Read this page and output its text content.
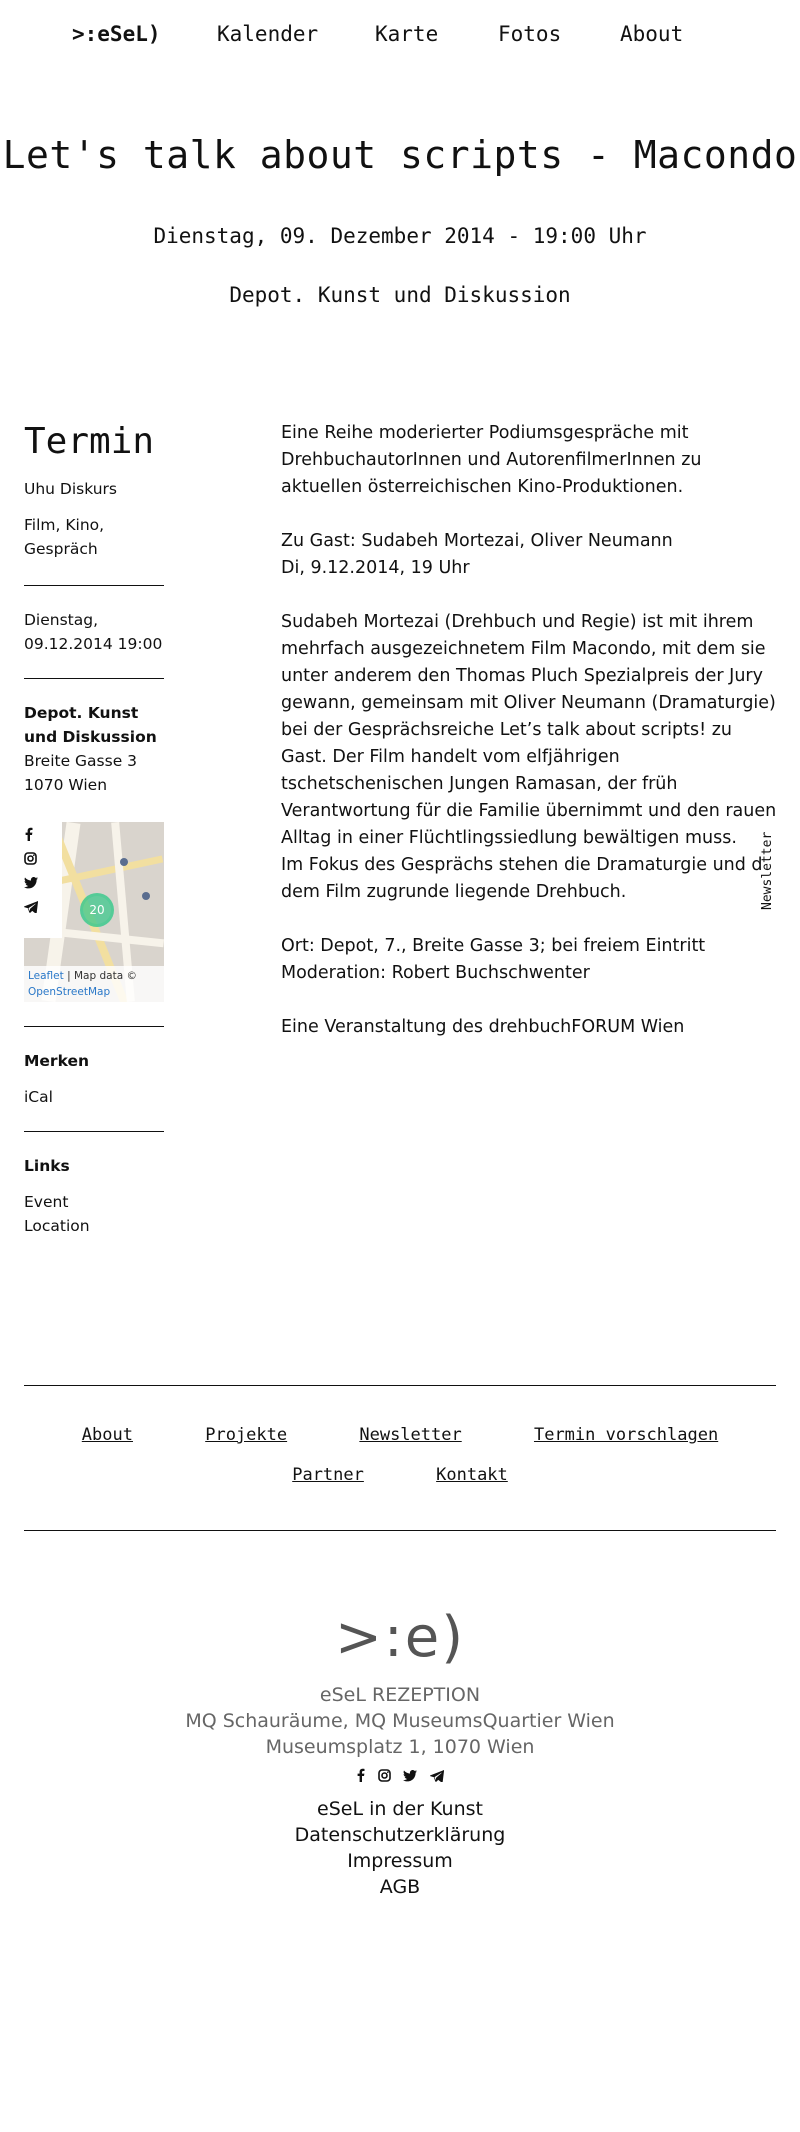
>:eSeL)	Kalender	Karte	Fotos	About
Let's talk about scripts - Macondo
Dienstag, 09. Dezember 2014 - 19:00 Uhr
Depot. Kunst und Diskussion
Termin
Uhu Diskurs
Film, Kino, Gespräch
Dienstag,
09.12.2014 19:00
Depot. Kunst und Diskussion
Breite Gasse 3
1070 Wien
20
Leaflet | Map data ©
OpenStreetMap
Merken
iCal
Links
Event
Location

Eine Reihe moderierter Podiumsgespräche mit DrehbuchautorInnen und AutorenfilmerInnen zu aktuellen österreichischen Kino-Produktionen.

Zu Gast: Sudabeh Mortezai, Oliver Neumann

Di, 9.12.2014, 19 Uhr

Sudabeh Mortezai (Drehbuch und Regie) ist mit ihrem mehrfach ausgezeichnetem Film Macondo, mit dem sie unter anderem den Thomas Pluch Spezialpreis der Jury gewann, gemeinsam mit Oliver Neumann (Dramaturgie) bei der Gesprächsreiche Let’s talk about scripts! zu Gast. Der Film handelt vom elfjährigen tschetschenischen Jungen Ramasan, der früh Verantwortung für die Familie übernimmt und den rauen Alltag in einer Flüchtlingssiedlung bewältigen muss.

Im Fokus des Gesprächs stehen die Dramaturgie und d dem Film zugrunde liegende Drehbuch.

Ort: Depot, 7., Breite Gasse 3; bei freiem Eintritt

Moderation: Robert Buchschwenter

Eine Veranstaltung des drehbuchFORUM Wien

Newsletter
About	Projekte	Newsletter	Termin vorschlagen
Partner	Kontakt
>:e)
eSeL REZEPTION
MQ Schauräume, MQ MuseumsQuartier Wien
Museumsplatz 1, 1070 Wien

eSeL in der Kunst
Datenschutzerklärung
Impressum
AGB
